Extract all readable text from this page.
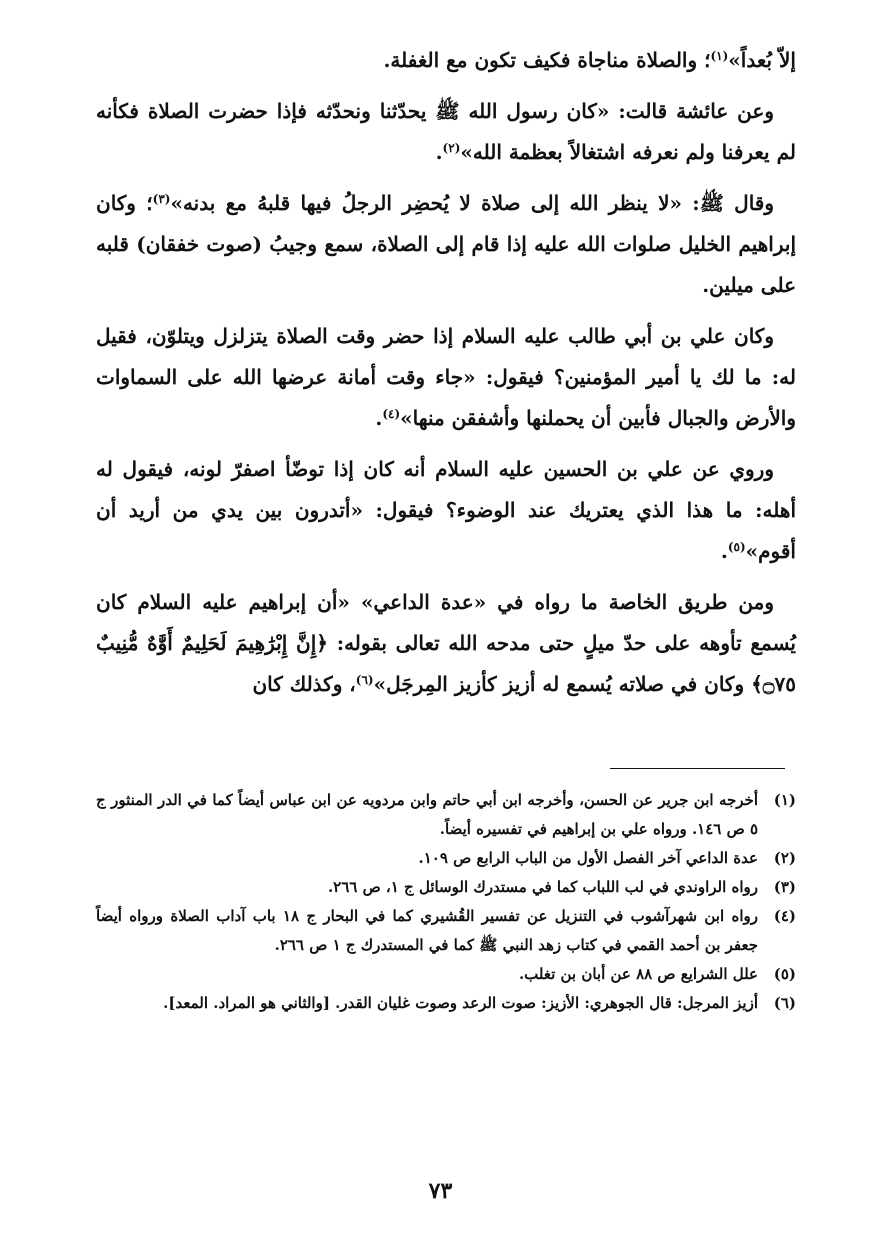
إلاّ بُعداً»$^{(١)}$؛ والصلاة مناجاة فكيف تكون مع الغفلة.

وعن عائشة قالت: «كان رسول الله ﷺ يحدّثنا ونحدّثه فإذا حضرت الصلاة فكأنه لم يعرفنا ولم نعرفه اشتغالاً بعظمة الله»$^{(٢)}$.

وقال ﷺ: «لا ينظر الله إلى صلاة لا يُحضِر الرجلُ فيها قلبهُ مع بدنه»$^{(٣)}$؛ وكان إبراهيم الخليل صلوات الله عليه إذا قام إلى الصلاة، سمع وجيبُ (صوت خفقان) قلبه على ميلين.

وكان علي بن أبي طالب عليه السلام إذا حضر وقت الصلاة يتزلزل ويتلوّن، فقيل له: ما لك يا أمير المؤمنين؟ فيقول: «جاء وقت أمانة عرضها الله على السماوات والأرض والجبال فأبين أن يحملنها وأشفقن منها»$^{(٤)}$.

وروي عن علي بن الحسين عليه السلام أنه كان إذا توضّأ اصفرّ لونه، فيقول له أهله: ما هذا الذي يعتريك عند الوضوء؟ فيقول: «أتدرون بين يدي من أريد أن أقوم»$^{(٥)}$.

ومن طريق الخاصة ما رواه في «عدة الداعي» «أن إبراهيم عليه السلام كان يُسمع تأوهه على حدّ ميلٍ حتى مدحه الله تعالى بقوله: ﴿إِنَّ إِبْرَٰهِيمَ لَحَلِيمٌ أَوَّٰهٌ مُّنِيبٌ ۝٧٥﴾ وكان في صلاته يُسمع له أزيز كأزيز المِرجَل»$^{(٦)}$، وكذلك كان

(١)
أخرجه ابن جرير عن الحسن، وأخرجه ابن أبي حاتم وابن مردويه عن ابن عباس أيضاً كما في الدر المنثور ج ٥ ص ١٤٦. ورواه علي بن إبراهيم في تفسيره أيضاً.
(٢)
عدة الداعي آخر الفصل الأول من الباب الرابع ص ١٠٩.
(٣)
رواه الراوندي في لب اللباب كما في مستدرك الوسائل ج ١، ص ٢٦٦.
(٤)
رواه ابن شهرآشوب في التنزيل عن تفسير القُشيري كما في البحار ج ١٨ باب آداب الصلاة ورواه أيضاً جعفر بن أحمد القمي في كتاب زهد النبي ﷺ كما في المستدرك ج ١ ص ٢٦٦.
(٥)
علل الشرايع ص ٨٨ عن أبان بن تغلب.
(٦)
أزيز المرجل: قال الجوهري: الأزيز: صوت الرعد وصوت غليان القدر. [والثاني هو المراد. المعد].
٧٣
